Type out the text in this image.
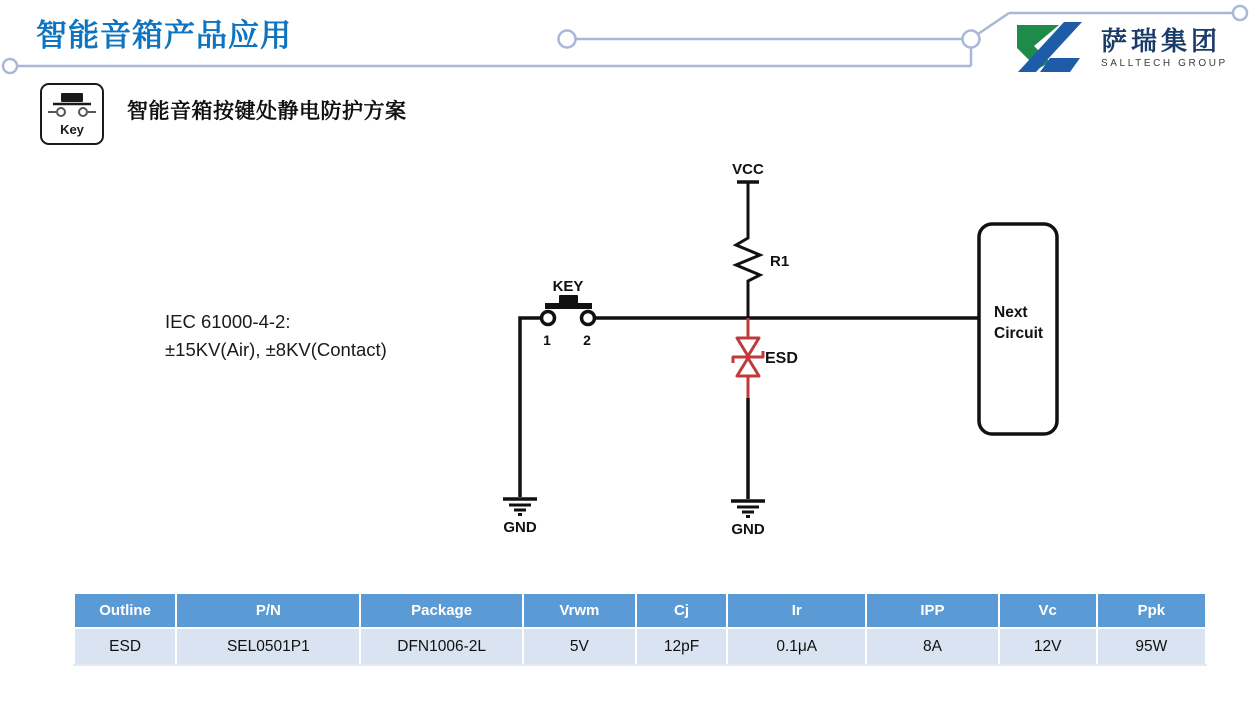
智能音箱产品应用	萨瑞集团
SALLTECH GROUP
Key
智能音箱按键处静电防护方案
IEC 61000-4-2:
±15KV(Air), ±8KV(Contact)
VCC
R1
KEY
1 2
GND
ESD
GND
Next
Circuit
Outline	P/N	Package	Vrwm	Cj	Ir	IPP	Vc	Ppk
ESD	SEL0501P1	DFN1006-2L	5V	12pF	0.1μA	8A	12V	95W
